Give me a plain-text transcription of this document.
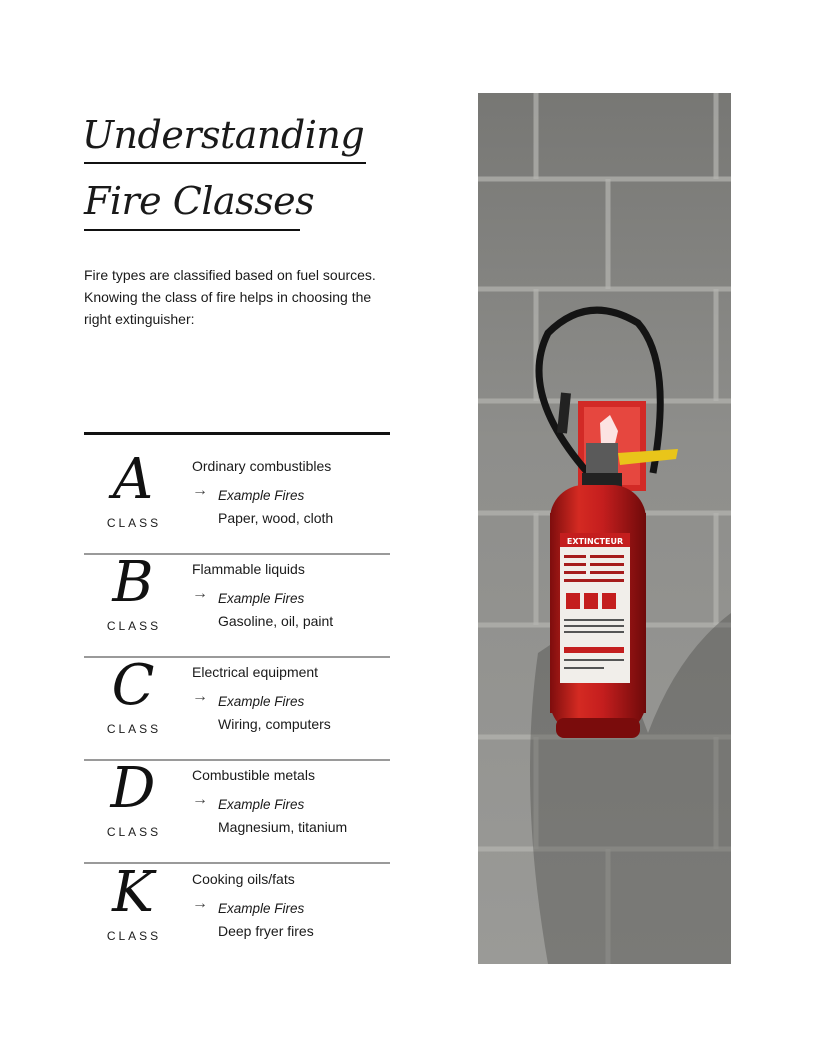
Understanding
Fire Classes
Fire types are classified based on fuel sources. Knowing the class of fire helps in choosing the right extinguisher:
A
CLASS
Ordinary combustibles
→ Example Fires
Paper, wood, cloth
B
CLASS
Flammable liquids
→ Example Fires
Gasoline, oil, paint
C
CLASS
Electrical equipment
→ Example Fires
Wiring, computers
D
CLASS
Combustible metals
→ Example Fires
Magnesium, titanium
K
CLASS
Cooking oils/fats
→ Example Fires
Deep fryer fires
EXTINCTEUR
